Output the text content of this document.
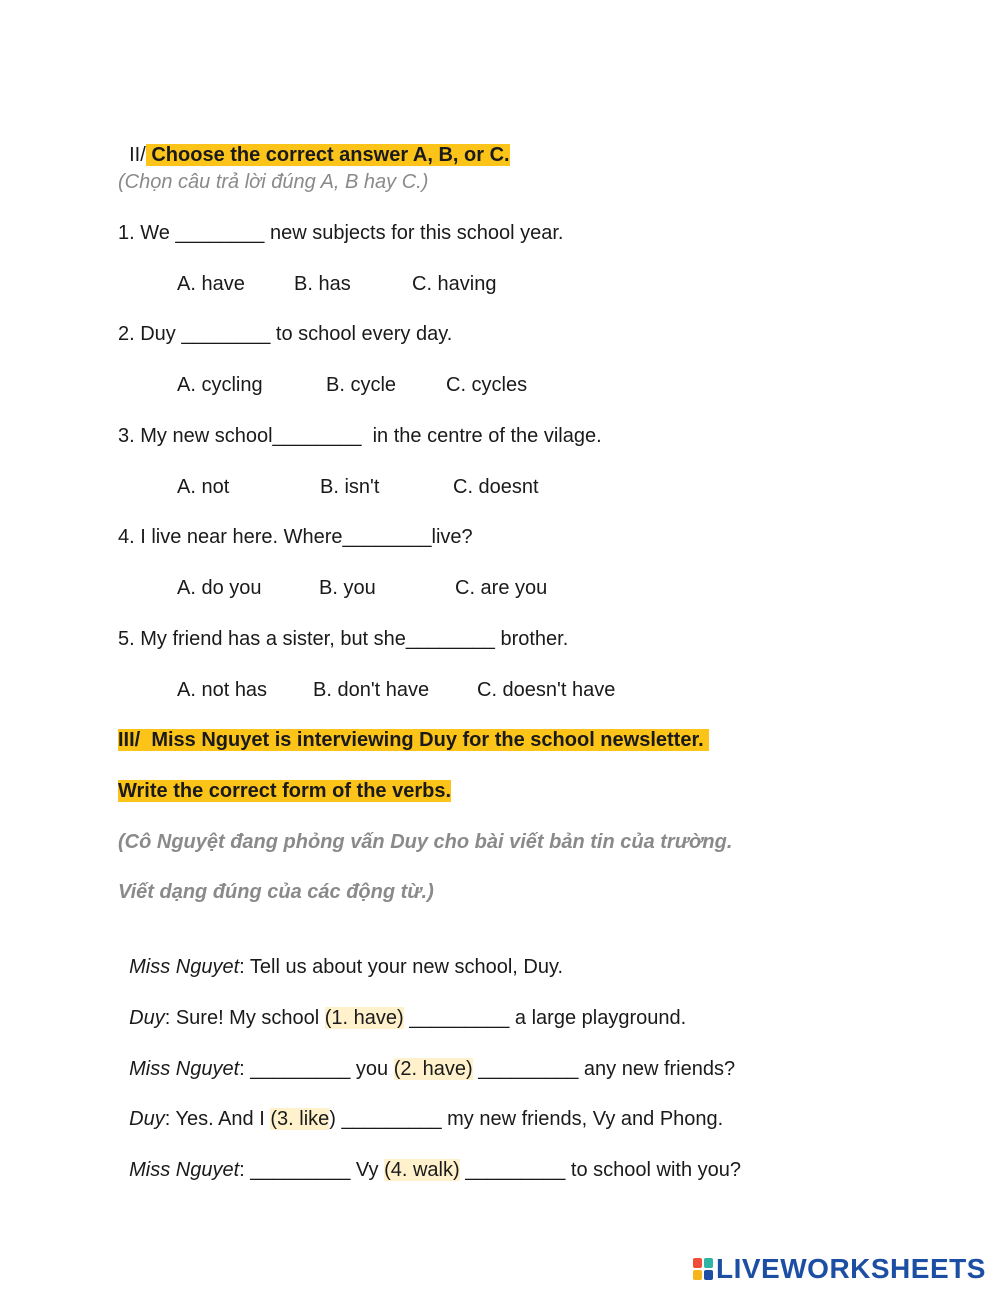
II/ Choose the correct answer A, B, or C.

(Chọn câu trả lời đúng A, B hay C.)
1. We ________ new subjects for this school year.
A. have B. has	C. having
2. Duy ________ to school every day.
A. cycling	B. cycle C. cycles
3. My new school________  in the centre of the vilage.
A. not	B. isn't	C. doesnt
4. I live near here. Where________live?
A. do you	B. you	C. are you
5. My friend has a sister, but she________ brother.
A. not has B. don't have C. doesn't have
III/  Miss Nguyet is interviewing Duy for the school newsletter.
Write the correct form of the verbs.
(Cô Nguyệt đang phỏng vấn Duy cho bài viết bản tin của trường.
Viết dạng đúng của các động từ.)

Miss Nguyet: Tell us about your new school, Duy.

Duy: Sure! My school (1. have) _________ a large playground.

Miss Nguyet: _________ you (2. have) _________ any new friends?

Duy: Yes. And I (3. like) _________ my new friends, Vy and Phong.

Miss Nguyet: _________ Vy (4. walk) _________ to school with you?

LIVEWORKSHEETS
